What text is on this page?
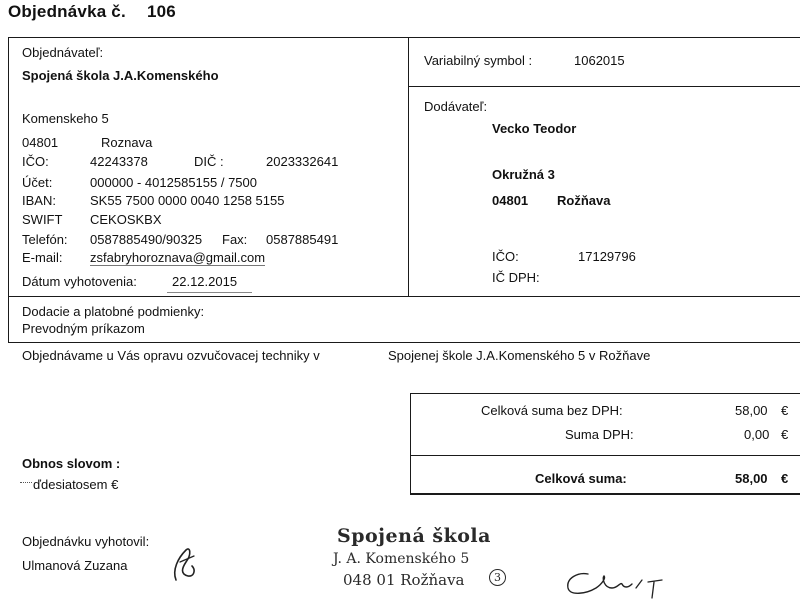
Objednávka č. 106
Objednávateľ:
Spojená škola J.A.Komenského
Komenskeho 5
04801	Roznava
IČO:	42243378	DIČ :	2023332641
Účet:	000000 - 4012585155 / 7500
IBAN:	SK55 7500 0000 0040 1258 5155
SWIFT CEKOSKBX
Telefón: 0587885490/90325 Fax: 0587885491
E-mail: zsfabryhoroznava@gmail.com
Dátum vyhotovenia:	22.12.2015
Variabilný symbol :	1062015
Dodávateľ:
Vecko Teodor
Okružná 3
04801 Rožňava
IČO:	17129796
IČ DPH:
Dodacie a platobné podmienky:
Prevodným príkazom
Objednávame u Vás opravu ozvučovacej techniky v	Spojenej škole J.A.Komenského 5 v Rožňave
Celková suma bez DPH:	58,00 €
Suma DPH:	0,00 €
Celková suma:	58,00 €
Obnos slovom :
ďdesiatosem €
Objednávku vyhotovil:
Ulmanová Zuzana
Spojená škola
J. A. Komenského 5
048 01 Rožňava	3
